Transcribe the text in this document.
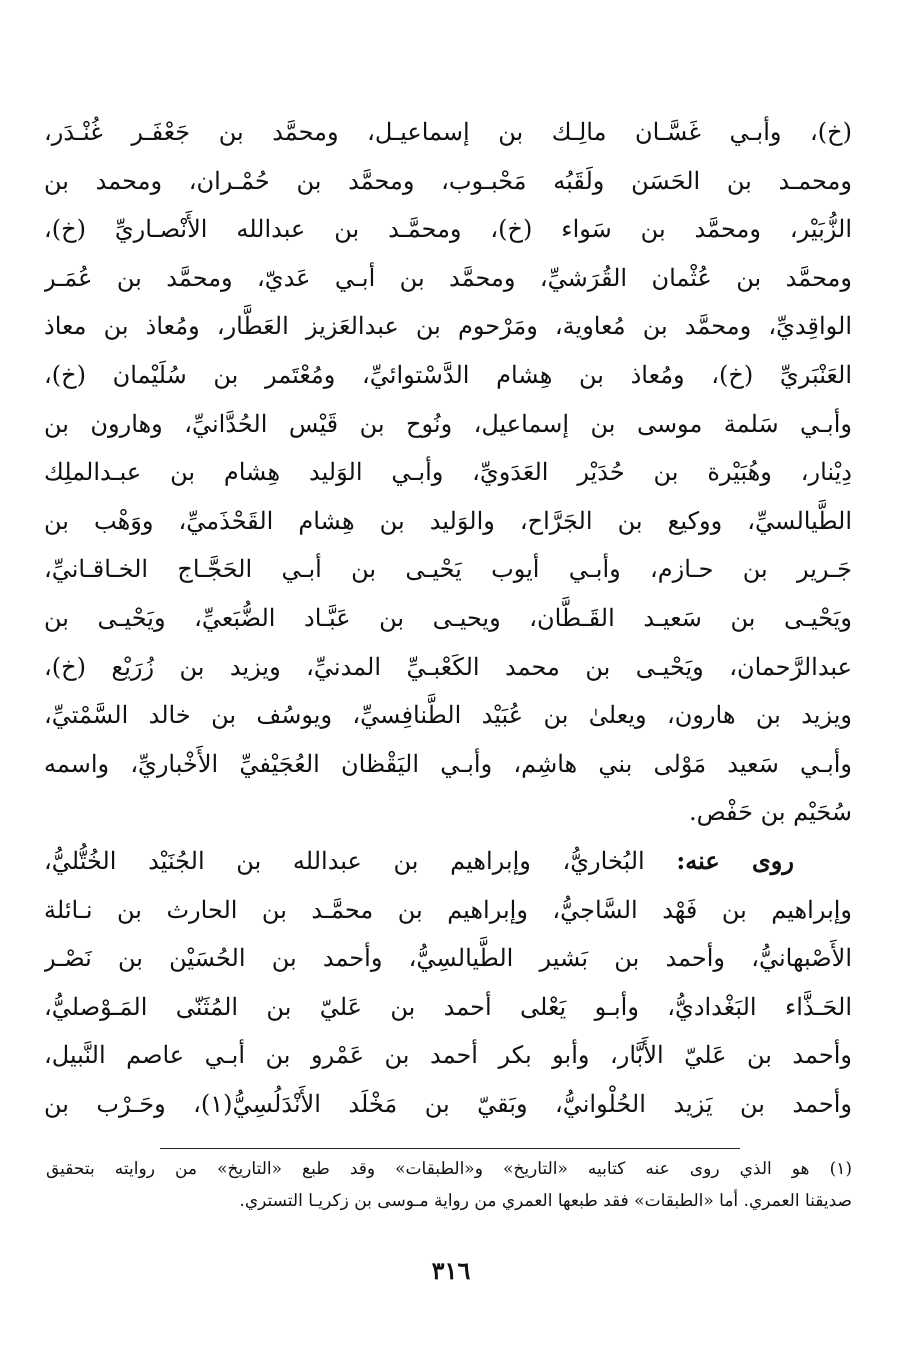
(خ)، وأبـي غَسَّـان مالِـك بن إسماعيـل، ومحمَّد بن جَعْفَـر غُنْـدَر،
ومحمـد بن الحَسَن ولَقَبُه مَحْبـوب، ومحمَّد بن حُمْـران، ومحمد بن
الزُّبَيْر، ومحمَّد بن سَواء (خ)، ومحمَّـد بن عبدالله الأَنْصـاريِّ (خ)،
ومحمَّد بن عُثْمان القُرَشيِّ، ومحمَّد بن أبـي عَديّ، ومحمَّد بن عُمَـر
الواقِديِّ، ومحمَّد بن مُعاوية، ومَرْحوم بن عبدالعَزيز العَطَّار، ومُعاذ بن معاذ
العَنْبَريِّ (خ)، ومُعاذ بن هِشام الدَّسْتوائيِّ، ومُعْتَمر بن سُلَيْمان (خ)،
وأبـي سَلمة موسى بن إسماعيل، ونُوح بن قَيْس الحُدَّانيِّ، وهارون بن
دِيْنار، وهُبَيْرة بن حُدَيْر العَدَويِّ، وأبـي الوَليد هِشام بن عبـدالملِك
الطَّيالسيِّ، ووكيع بن الجَرَّاح، والوَليد بن هِشام القَحْذَميِّ، ووَهْب بن
جَـرير بن حـازم، وأبـي أيوب يَحْيـى بن أبـي الحَجَّـاج الخـاقـانيِّ،
ويَحْيـى بن سَعيـد القَـطَّان، ويحيـى بن عَبَّـاد الضُّبَعيِّ، ويَحْيـى بن
عبدالرَّحمان، ويَحْيـى بن محمد الكَعْبـيِّ المدنيِّ، ويزيد بن زُرَيْع (خ)،
ويزيد بن هارون، ويعلىٰ بن عُبَيْد الطَّنافِسيِّ، ويوسُف بن خالد السَّمْتيِّ،
وأبـي سَعيد مَوْلى بني هاشِم، وأبـي اليَقْظان العُجَيْفيِّ الأَخْباريِّ، واسمه
سُحَيْم بن حَفْص.
روى عنه: البُخاريُّ، وإبراهيم بن عبدالله بن الجُنَيْد الخُتُّليُّ،
وإبراهيم بن فَهْد السَّاجيُّ، وإبراهيم بن محمَّـد بن الحارث بن نـائلة
الأَصْبهانيُّ، وأحمد بن بَشير الطَّيالسِيُّ، وأحمد بن الحُسَيْن بن نَصْـر
الحَـذَّاء البَغْداديُّ، وأبـو يَعْلى أحمد بن عَليّ بن المُثَنّى المَـوْصليُّ،
وأحمد بن عَليّ الأَبَّار، وأبو بكر أحمد بن عَمْرو بن أبـي عاصم النَّبيل،
وأحمد بن يَزيد الحُلْوانيُّ، وبَقيّ بن مَخْلَد الأَنْدَلُسِيُّ(١)، وحَـرْب بن
(١) هو الذي روى عنه كتابيه «التاريخ» و«الطبقات» وقد طبع «التاريخ» من روايته بتحقيق
صديقنا العمري. أما «الطبقات» فقد طبعها العمري من رواية مـوسى بن زكريـا التستري.
٣١٦
